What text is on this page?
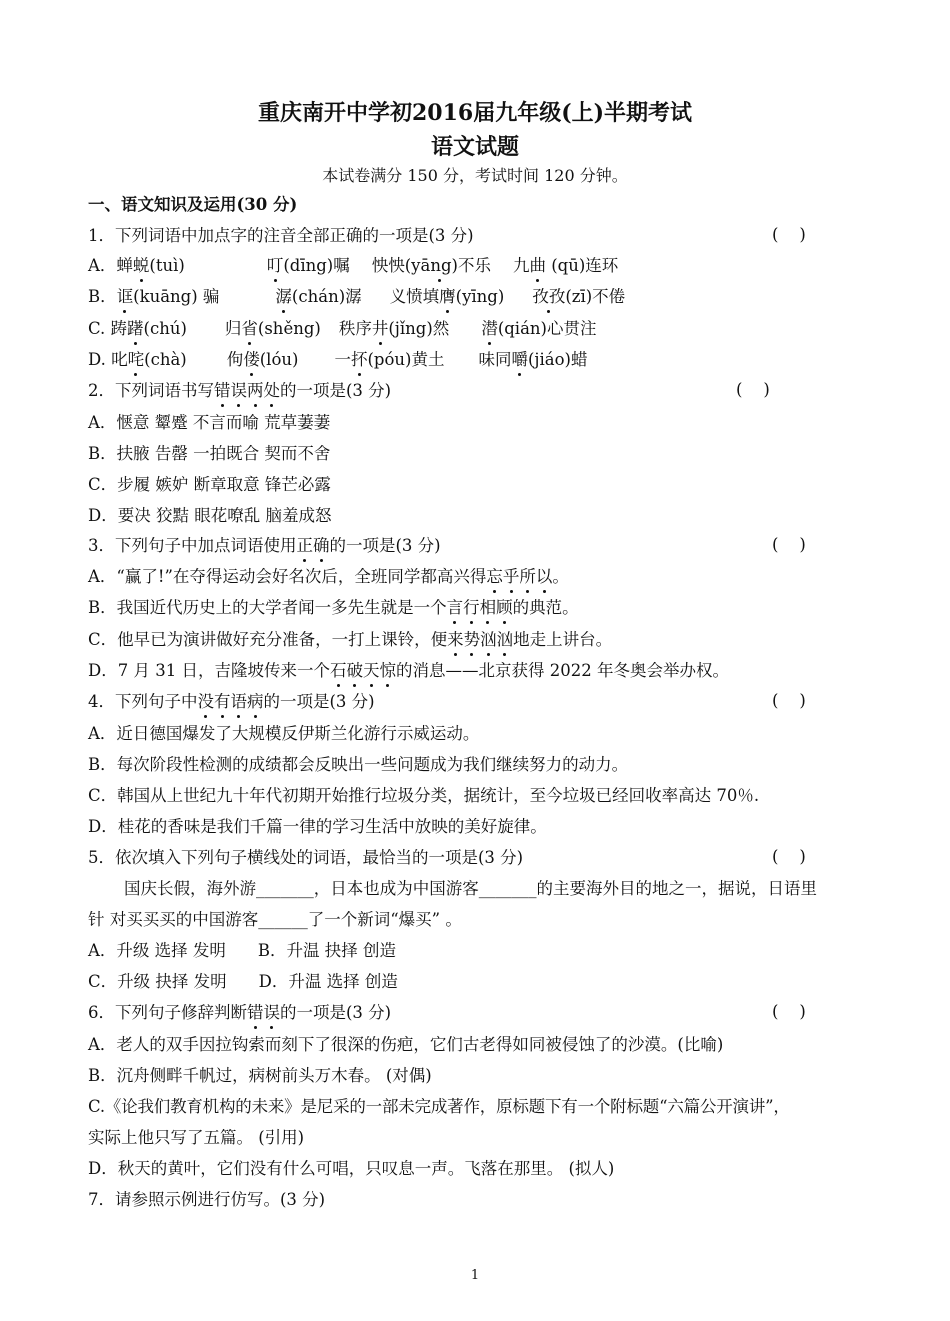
重庆南开中学初2016届九年级(上)半期考试
语文试题
本试卷满分 150 分，考试时间 120 分钟。
一、语文知识及运用(30 分)
1．下列词语中加点字的注音全部正确的一项是(3 分)	(    )
A．蝉蜕(tuì)	叮(dīng)嘱 怏怏(yāng)不乐 九曲 (qū)连环
B．诓(kuāng) 骗	潺(chán)潺 义愤填膺(yīng) 孜孜(zī)不倦
C. 踌躇(chú) 归省(shěng) 秩序井(jǐng)然 潜(qián)心贯注
D. 叱咤(chà) 佝偻(lóu) 一抔(póu)黄土 味同嚼(jiáo)蜡
2．下列词语书写错误两处的一项是(3 分)	(    )
A．惬意 颦蹙 不言而喻 荒草萋萋
B．扶腋 告罄 一拍既合 契而不舍
C．步履 嫉妒 断章取意 锋芒必露
D．要决 狡黠 眼花嘹乱 脑羞成怒
3．下列句子中加点词语使用正确的一项是(3 分)	(    )
A．“赢了!”在夺得运动会好名次后，全班同学都高兴得忘乎所以。
B．我国近代历史上的大学者闻一多先生就是一个言行相顾的典范。
C．他早已为演讲做好充分准备，一打上课铃，便来势汹汹地走上讲台。
D．7 月 31 日，吉隆坡传来一个石破天惊的消息——北京获得 2022 年冬奥会举办权。
4．下列句子中没有语病的一项是(3 分)	(    )
A．近日德国爆发了大规模反伊斯兰化游行示威运动。
B．每次阶段性检测的成绩都会反映出一些问题成为我们继续努力的动力。
C．韩国从上世纪九十年代初期开始推行垃圾分类，据统计，至今垃圾已经回收率高达 70％.
D．桂花的香味是我们千篇一律的学习生活中放映的美好旋律。
5．依次填入下列句子横线处的词语，最恰当的一项是(3 分)	(    )
国庆长假，海外游_______，日本也成为中国游客_______的主要海外目的地之一，据说，日语里
针 对买买买的中国游客______了一个新词“爆买” 。
A．升级 选择 发明 B．升温 抉择 创造
C．升级 抉择 发明 D．升温 选择 创造
6．下列句子修辞判断错误的一项是(3 分)	(    )
A．老人的双手因拉钩索而刻下了很深的伤疤，它们古老得如同被侵蚀了的沙漠。(比喻)
B．沉舟侧畔千帆过，病树前头万木春。 (对偶)
C.《论我们教育机构的未来》是尼采的一部未完成著作，原标题下有一个附标题“六篇公开演讲”，
实际上他只写了五篇。 (引用)
D．秋天的黄叶，它们没有什么可唱，只叹息一声。飞落在那里。 (拟人)
7．请参照示例进行仿写。(3 分)
1
